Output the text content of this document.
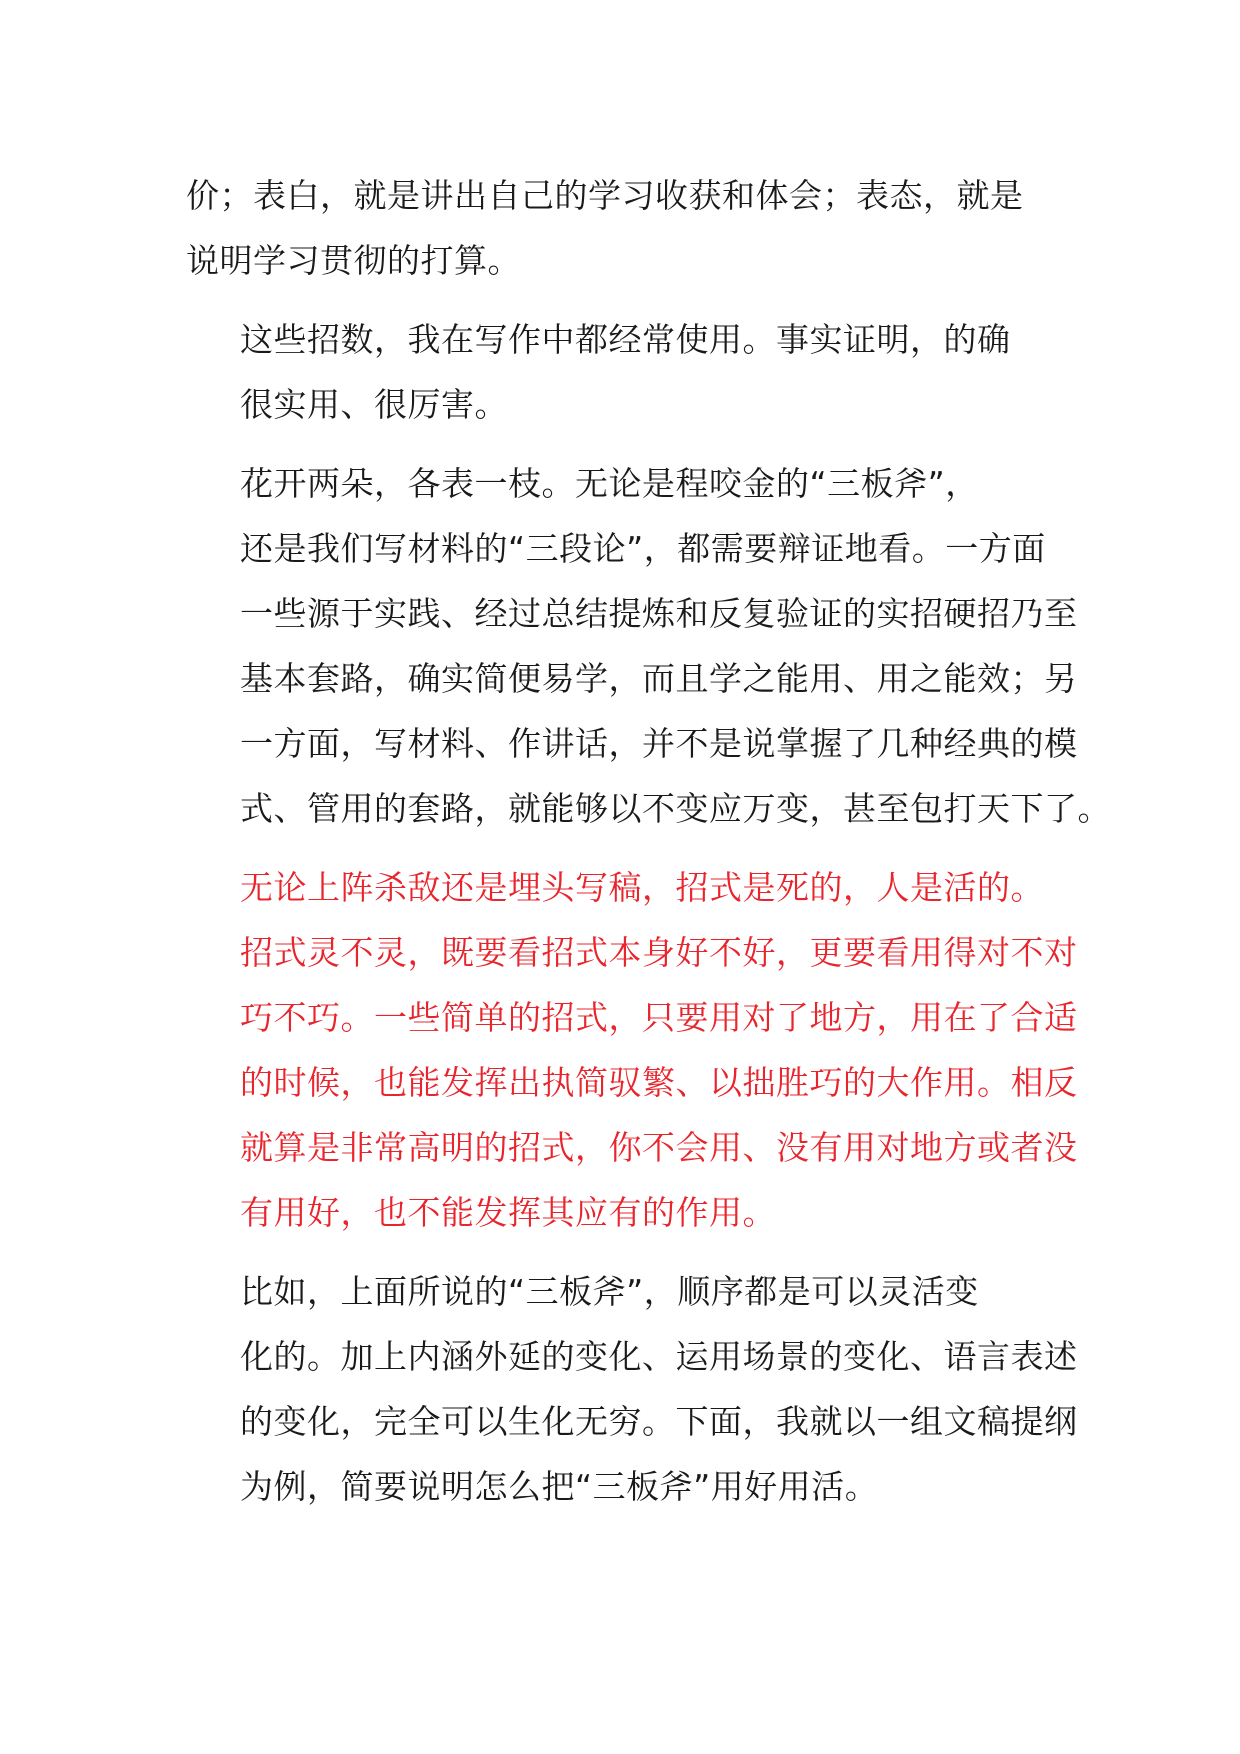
价；表白，就是讲出自己的学习收获和体会；表态，就是
说明学习贯彻的打算。

这些招数，我在写作中都经常使用。事实证明，的确
很实用、很厉害。

花开两朵，各表一枝。无论是程咬金的“三板斧”，
还是我们写材料的“三段论”，都需要辩证地看。一方面
一些源于实践、经过总结提炼和反复验证的实招硬招乃至
基本套路，确实简便易学，而且学之能用、用之能效；另
一方面，写材料、作讲话，并不是说掌握了几种经典的模
式、管用的套路，就能够以不变应万变，甚至包打天下了。

无论上阵杀敌还是埋头写稿，招式是死的，人是活的。
招式灵不灵，既要看招式本身好不好，更要看用得对不对
巧不巧。一些简单的招式，只要用对了地方，用在了合适
的时候，也能发挥出执简驭繁、以拙胜巧的大作用。相反
就算是非常高明的招式，你不会用、没有用对地方或者没
有用好，也不能发挥其应有的作用。

比如，上面所说的“三板斧”，顺序都是可以灵活变
化的。加上内涵外延的变化、运用场景的变化、语言表述
的变化，完全可以生化无穷。下面，我就以一组文稿提纲
为例，简要说明怎么把“三板斧”用好用活。
